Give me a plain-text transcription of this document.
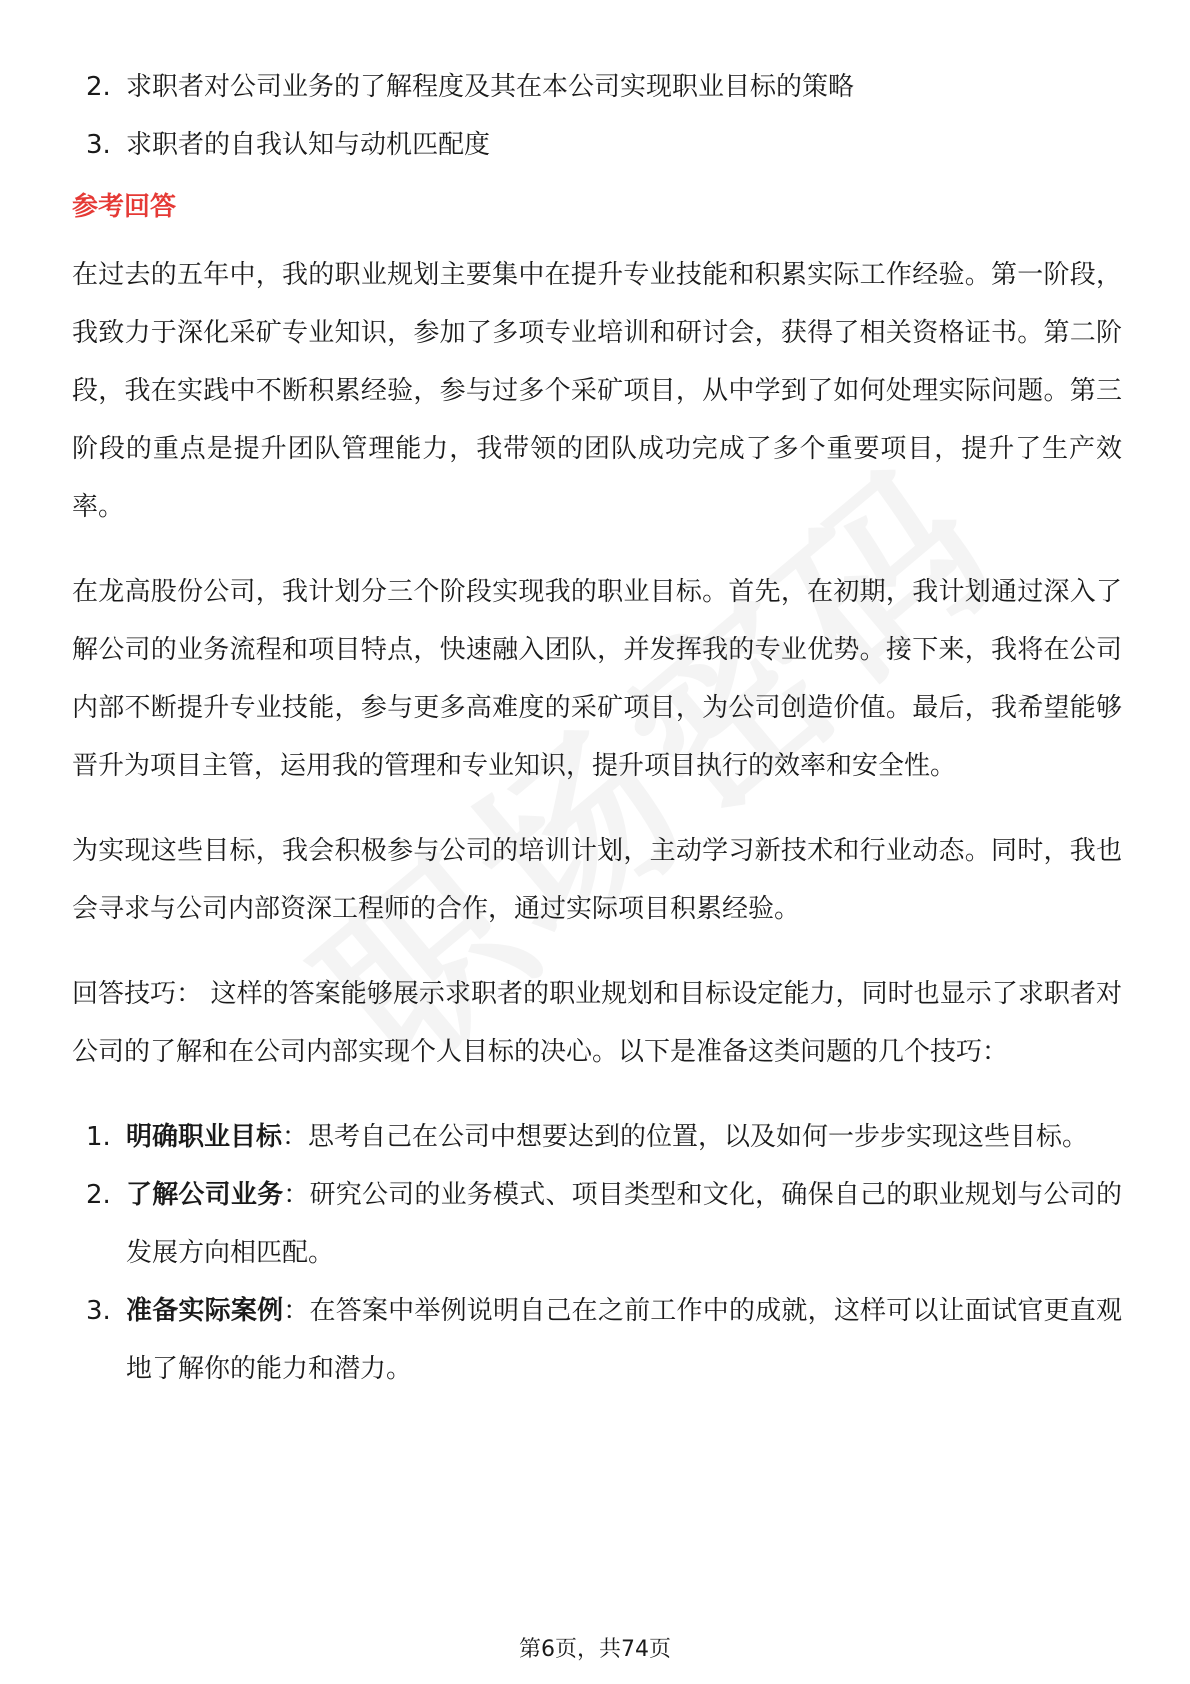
2. 求职者对公司业务的了解程度及其在本公司实现职业目标的策略
3. 求职者的自我认知与动机匹配度
参考回答

在过去的五年中，我的职业规划主要集中在提升专业技能和积累实际工作经验。第一阶段，我致力于深化采矿专业知识，参加了多项专业培训和研讨会，获得了相关资格证书。第二阶段，我在实践中不断积累经验，参与过多个采矿项目，从中学到了如何处理实际问题。第三阶段的重点是提升团队管理能力，我带领的团队成功完成了多个重要项目，提升了生产效率。

在龙高股份公司，我计划分三个阶段实现我的职业目标。首先，在初期，我计划通过深入了解公司的业务流程和项目特点，快速融入团队，并发挥我的专业优势。接下来，我将在公司内部不断提升专业技能，参与更多高难度的采矿项目，为公司创造价值。最后，我希望能够晋升为项目主管，运用我的管理和专业知识，提升项目执行的效率和安全性。

为实现这些目标，我会积极参与公司的培训计划，主动学习新技术和行业动态。同时，我也会寻求与公司内部资深工程师的合作，通过实际项目积累经验。

回答技巧： 这样的答案能够展示求职者的职业规划和目标设定能力，同时也显示了求职者对公司的了解和在公司内部实现个人目标的决心。以下是准备这类问题的几个技巧：

1. 明确职业目标：思考自己在公司中想要达到的位置，以及如何一步步实现这些目标。
2. 了解公司业务：研究公司的业务模式、项目类型和文化，确保自己的职业规划与公司的发展方向相匹配。
3. 准备实际案例：在答案中举例说明自己在之前工作中的成就，这样可以让面试官更直观地了解你的能力和潜力。
第6页，共74页
